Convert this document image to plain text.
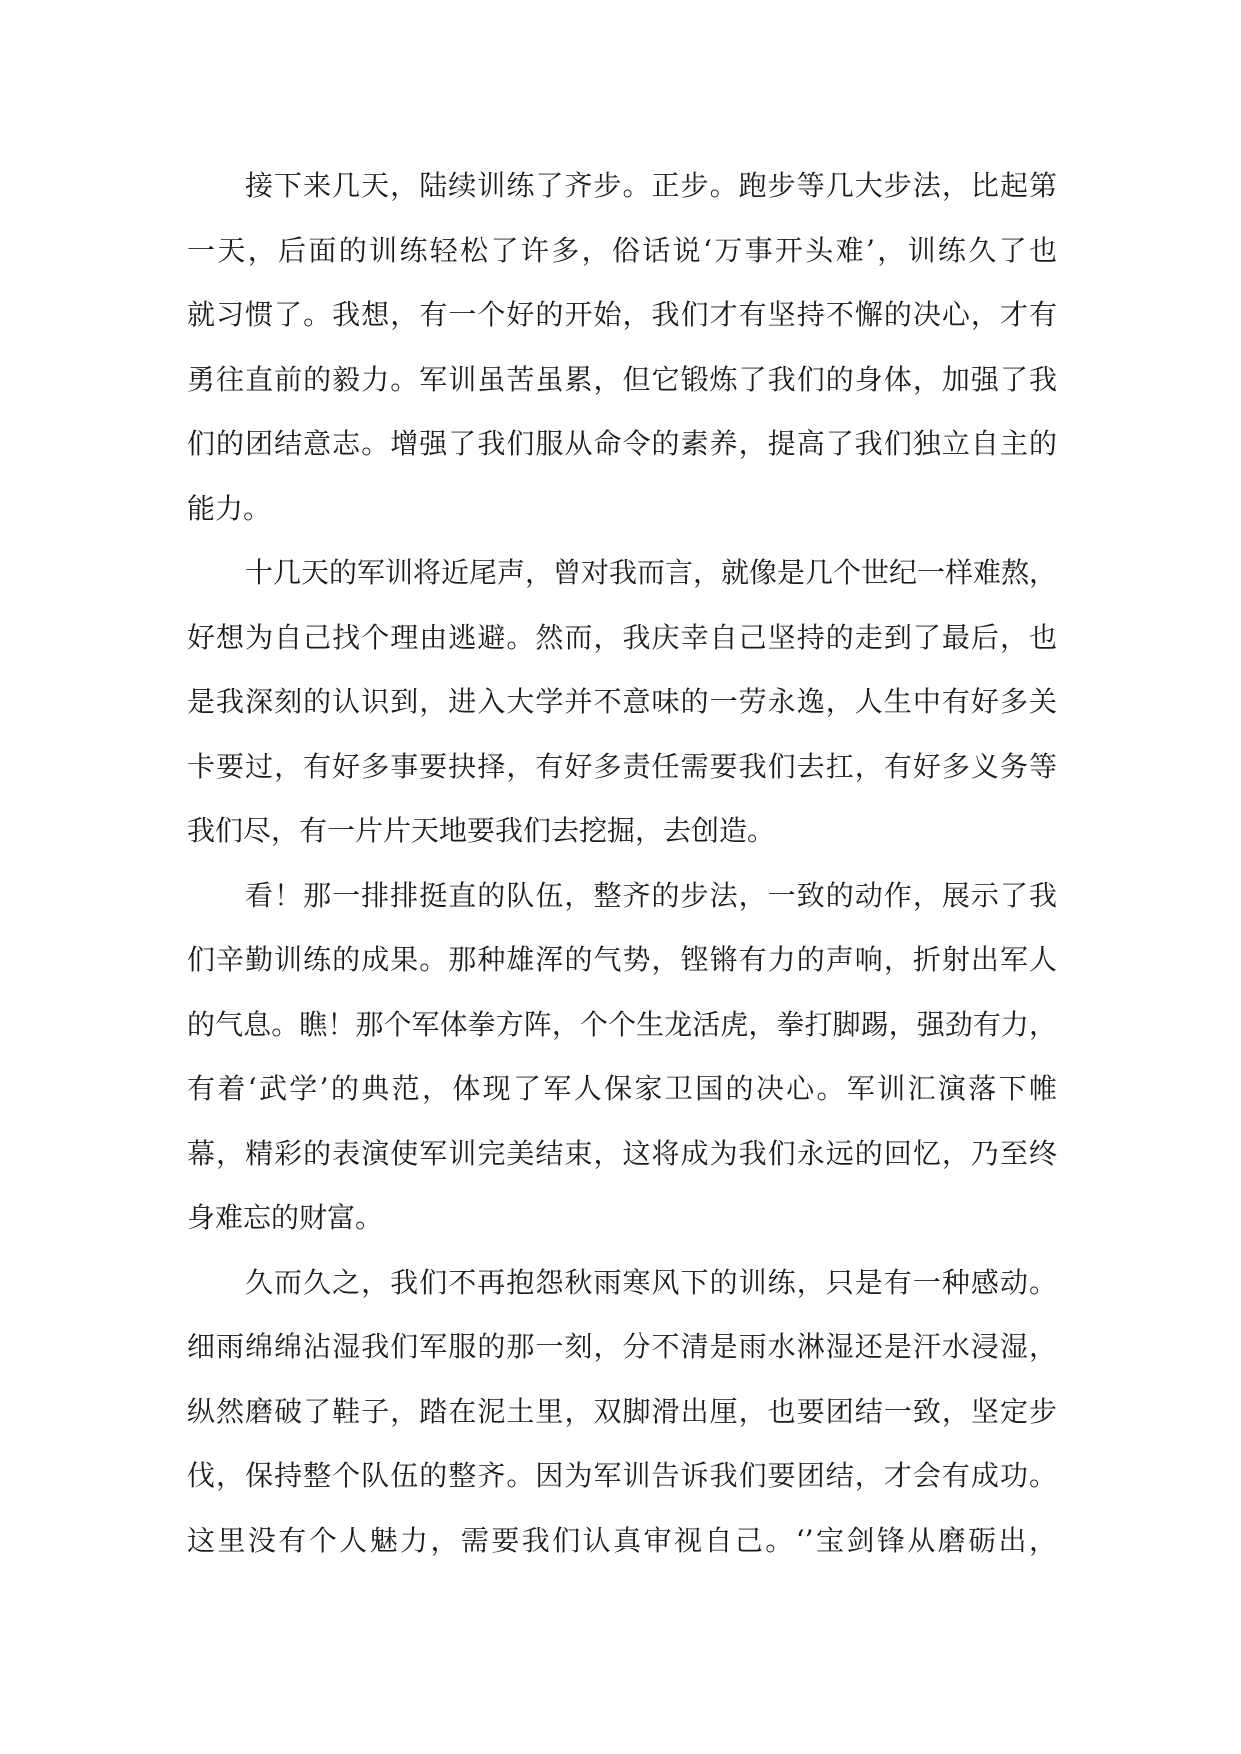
接下来几天，陆续训练了齐步。正步。跑步等几大步法，比起第
一天，后面的训练轻松了许多，俗话说‘万事开头难’，训练久了也
就习惯了。我想，有一个好的开始，我们才有坚持不懈的决心，才有
勇往直前的毅力。军训虽苦虽累，但它锻炼了我们的身体，加强了我
们的团结意志。增强了我们服从命令的素养，提高了我们独立自主的
能力。
十几天的军训将近尾声，曾对我而言，就像是几个世纪一样难熬，
好想为自己找个理由逃避。然而，我庆幸自己坚持的走到了最后，也
是我深刻的认识到，进入大学并不意味的一劳永逸，人生中有好多关
卡要过，有好多事要抉择，有好多责任需要我们去扛，有好多义务等
我们尽，有一片片天地要我们去挖掘，去创造。
看！那一排排挺直的队伍，整齐的步法，一致的动作，展示了我
们辛勤训练的成果。那种雄浑的气势，铿锵有力的声响，折射出军人
的气息。瞧！那个军体拳方阵，个个生龙活虎，拳打脚踢，强劲有力，
有着‘武学’的典范，体现了军人保家卫国的决心。军训汇演落下帷
幕，精彩的表演使军训完美结束，这将成为我们永远的回忆，乃至终
身难忘的财富。
久而久之，我们不再抱怨秋雨寒风下的训练，只是有一种感动。
细雨绵绵沾湿我们军服的那一刻，分不清是雨水淋湿还是汗水浸湿，
纵然磨破了鞋子，踏在泥土里，双脚滑出厘，也要团结一致，坚定步
伐，保持整个队伍的整齐。因为军训告诉我们要团结，才会有成功。
这里没有个人魅力，需要我们认真审视自己。‘’宝剑锋从磨砺出，
